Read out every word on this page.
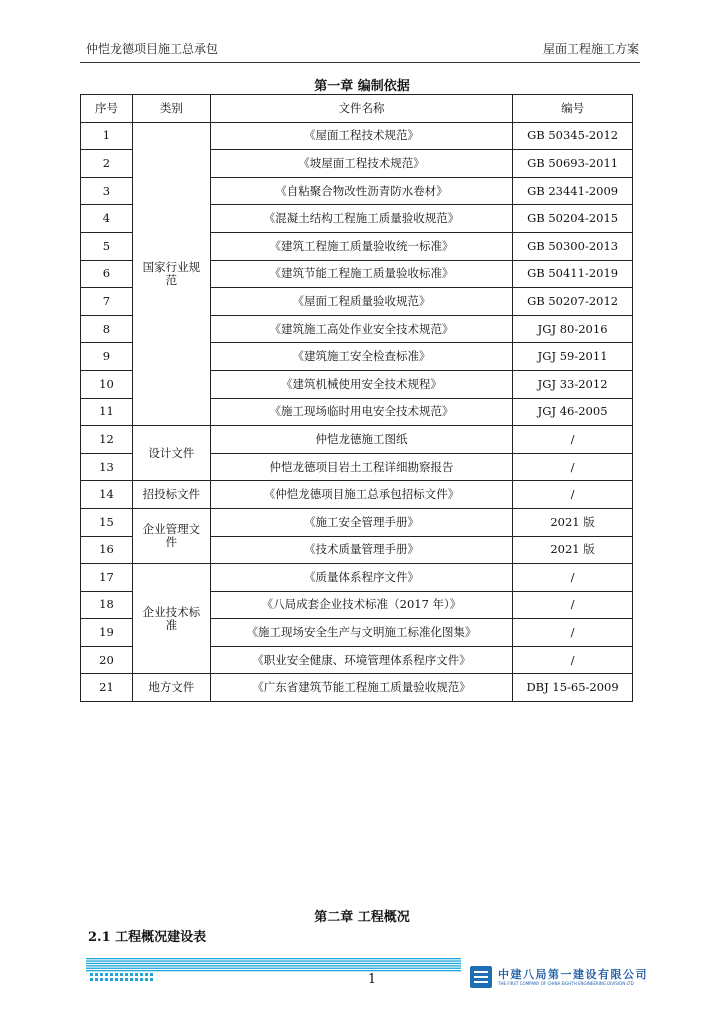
仲恺龙德项目施工总承包	屋面工程施工方案
第一章 编制依据
序号	类别	文件名称	编号
1	国家行业规范	《屋面工程技术规范》	GB 50345-2012
2		《坡屋面工程技术规范》	GB 50693-2011
3		《自粘聚合物改性沥青防水卷材》	GB 23441-2009
4		《混凝土结构工程施工质量验收规范》	GB 50204-2015
5		《建筑工程施工质量验收统一标准》	GB 50300-2013
6		《建筑节能工程施工质量验收标准》	GB 50411-2019
7		《屋面工程质量验收规范》	GB 50207-2012
8		《建筑施工高处作业安全技术规范》	JGJ 80-2016
9		《建筑施工安全检查标准》	JGJ 59-2011
10		《建筑机械使用安全技术规程》	JGJ 33-2012
11		《施工现场临时用电安全技术规范》	JGJ 46-2005
12	设计文件	仲恺龙德施工图纸	/
13		仲恺龙德项目岩土工程详细勘察报告	/
14	招投标文件	《仲恺龙德项目施工总承包招标文件》	/
15	企业管理文件	《施工安全管理手册》	2021 版
16		《技术质量管理手册》	2021 版
17	企业技术标准	《质量体系程序文件》	/
18		《八局成套企业技术标准（2017 年）》	/
19		《施工现场安全生产与文明施工标准化图集》	/
20		《职业安全健康、环境管理体系程序文件》	/
21	地方文件	《广东省建筑节能工程施工质量验收规范》	DBJ 15-65-2009
第二章 工程概况
2.1 工程概况建设表
1	中建八局第一建设有限公司
THE FIRST COMPANY OF CHINA EIGHTH ENGINEERING DIVISION LTD
